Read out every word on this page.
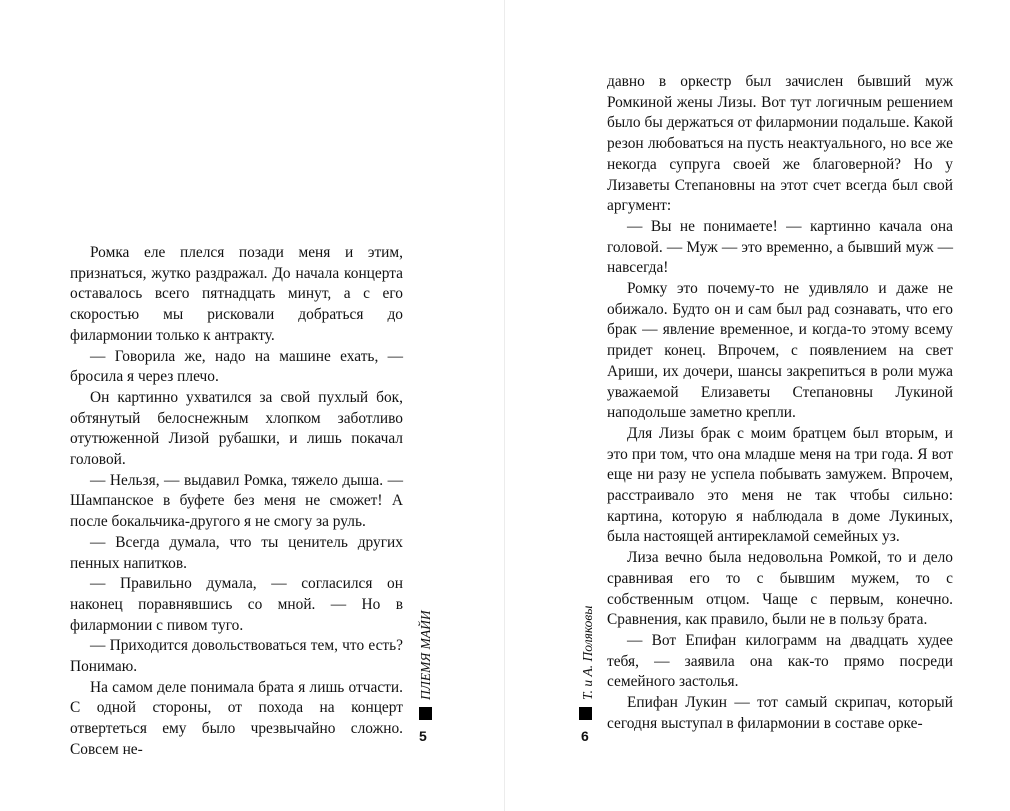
Ромка еле плелся позади меня и этим, признаться, жутко раздражал. До начала концерта оставалось всего пятнадцать минут, а с его скоростью мы рисковали добраться до филармонии только к антракту.

— Говорила же, надо на машине ехать, — бросила я через плечо.

Он картинно ухватился за свой пухлый бок, обтянутый белоснежным хлопком заботливо отутюженной Лизой рубашки, и лишь покачал головой.

— Нельзя, — выдавил Ромка, тяжело дыша. — Шампанское в буфете без меня не сможет! А после бокальчика-другого я не смогу за руль.

— Всегда думала, что ты ценитель других пенных напитков.

— Правильно думала, — согласился он наконец поравнявшись со мной. — Но в филармонии с пивом туго.

— Приходится довольствоваться тем, что есть? Понимаю.

На самом деле понимала брата я лишь отчасти. С одной стороны, от похода на концерт отвертеться ему было чрезвычайно сложно. Совсем не-

ПЛЕМЯ МАЙИ
5

давно в оркестр был зачислен бывший муж Ромкиной жены Лизы. Вот тут логичным решением было бы держаться от филармонии подальше. Какой резон любоваться на пусть неактуального, но все же некогда супруга своей же благоверной? Но у Лизаветы Степановны на этот счет всегда был свой аргумент:

— Вы не понимаете! — картинно качала она головой. — Муж — это временно, а бывший муж — навсегда!

Ромку это почему-то не удивляло и даже не обижало. Будто он и сам был рад сознавать, что его брак — явление временное, и когда-то этому всему придет конец. Впрочем, с появлением на свет Ариши, их дочери, шансы закрепиться в роли мужа уважаемой Елизаветы Степановны Лукиной наподольше заметно крепли.

Для Лизы брак с моим братцем был вторым, и это при том, что она младше меня на три года. Я вот еще ни разу не успела побывать замужем. Впрочем, расстраивало это меня не так чтобы сильно: картина, которую я наблюдала в доме Лукиных, была настоящей антирекламой семейных уз.

Лиза вечно была недовольна Ромкой, то и дело сравнивая его то с бывшим мужем, то с собственным отцом. Чаще с первым, конечно. Сравнения, как правило, были не в пользу брата.

— Вот Епифан килограмм на двадцать худее тебя, — заявила она как-то прямо посреди семейного застолья.

Епифан Лукин — тот самый скрипач, который сегодня выступал в филармонии в составе орке-

Т. и А. Поляковы
6
